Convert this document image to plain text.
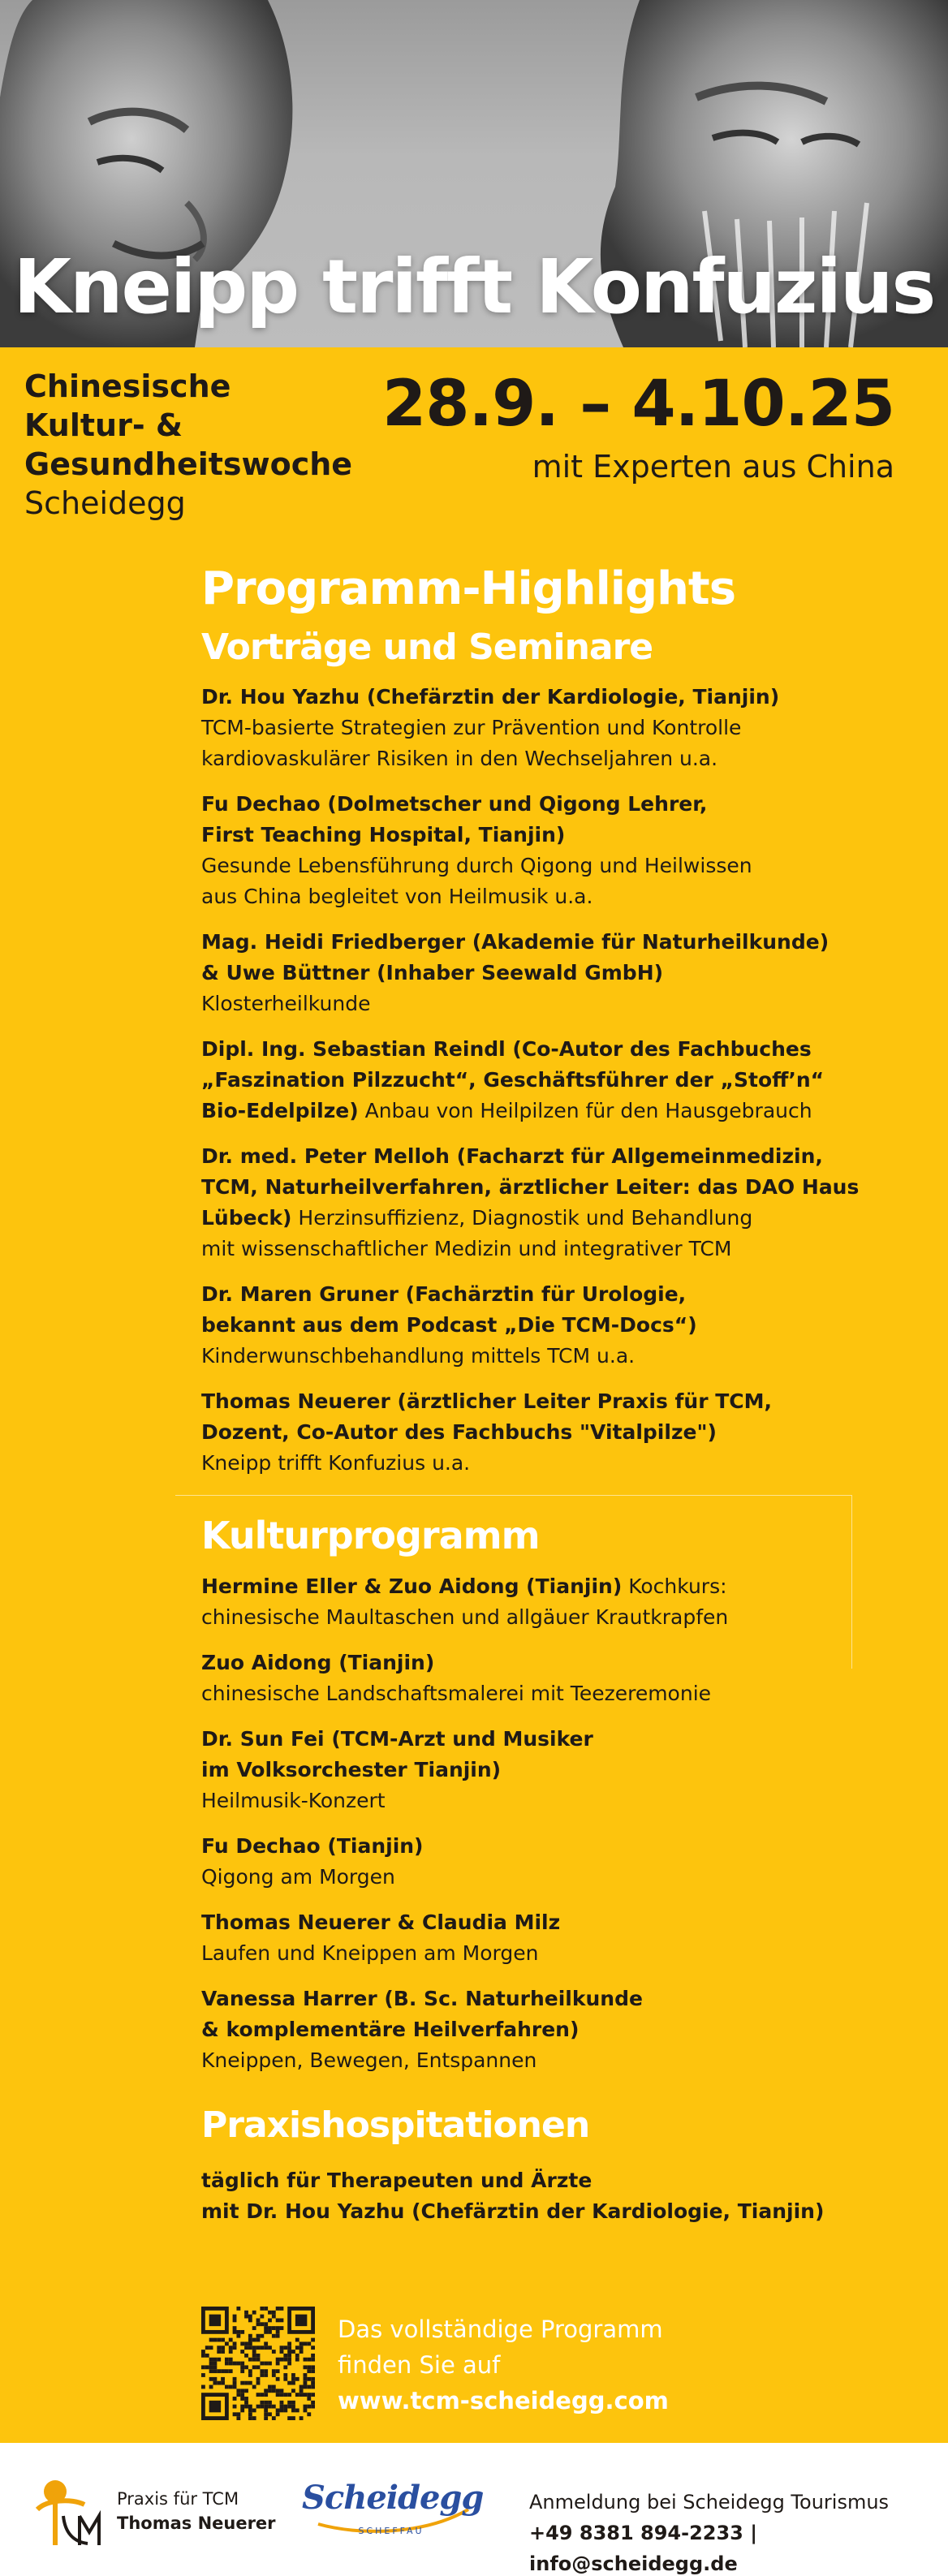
Kneipp trifft Konfuzius
Chinesische
Kultur- &
Gesundheitswoche
Scheidegg
28.9. – 4.10.25
mit Experten aus China
Programm-Highlights
Vorträge und Seminare
Dr. Hou Yazhu (Chefärztin der Kardiologie, Tianjin)
TCM-basierte Strategien zur Prävention und Kontrolle
kardiovaskulärer Risiken in den Wechseljahren u.a.
Fu Dechao (Dolmetscher und Qigong Lehrer,
First Teaching Hospital, Tianjin)
Gesunde Lebensführung durch Qigong und Heilwissen
aus China begleitet von Heilmusik u.a.
Mag. Heidi Friedberger (Akademie für Naturheilkunde)
& Uwe Büttner (Inhaber Seewald GmbH)
Klosterheilkunde
Dipl. Ing. Sebastian Reindl (Co-Autor des Fachbuches
„Faszination Pilzzucht“, Geschäftsführer der „Stoff’n“
Bio-Edelpilze) Anbau von Heilpilzen für den Hausgebrauch
Dr. med. Peter Melloh (Facharzt für Allgemeinmedizin,
TCM, Naturheilverfahren, ärztlicher Leiter: das DAO Haus
Lübeck) Herzinsuffizienz, Diagnostik und Behandlung
mit wissenschaftlicher Medizin und integrativer TCM
Dr. Maren Gruner (Fachärztin für Urologie,
bekannt aus dem Podcast „Die TCM-Docs“)
Kinderwunschbehandlung mittels TCM u.a.
Thomas Neuerer (ärztlicher Leiter Praxis für TCM,
Dozent, Co-Autor des Fachbuchs "Vitalpilze")
Kneipp trifft Konfuzius u.a.
Kulturprogramm
Hermine Eller & Zuo Aidong (Tianjin) Kochkurs:
chinesische Maultaschen und allgäuer Krautkrapfen
Zuo Aidong (Tianjin)
chinesische Landschaftsmalerei mit Teezeremonie
Dr. Sun Fei (TCM-Arzt und Musiker
im Volksorchester Tianjin)
Heilmusik-Konzert
Fu Dechao (Tianjin)
Qigong am Morgen
Thomas Neuerer & Claudia Milz
Laufen und Kneippen am Morgen
Vanessa Harrer (B. Sc. Naturheilkunde
& komplementäre Heilverfahren)
Kneippen, Bewegen, Entspannen
Praxishospitationen
täglich für Therapeuten und Ärzte
mit Dr. Hou Yazhu (Chefärztin der Kardiologie, Tianjin)
Das vollständige Programm
finden Sie auf
www.tcm-scheidegg.com
Praxis für TCM
Thomas Neuerer
Scheidegg
SCHEFFAU
Anmeldung bei Scheidegg Tourismus
+49 8381 894-2233 | info@scheidegg.de
